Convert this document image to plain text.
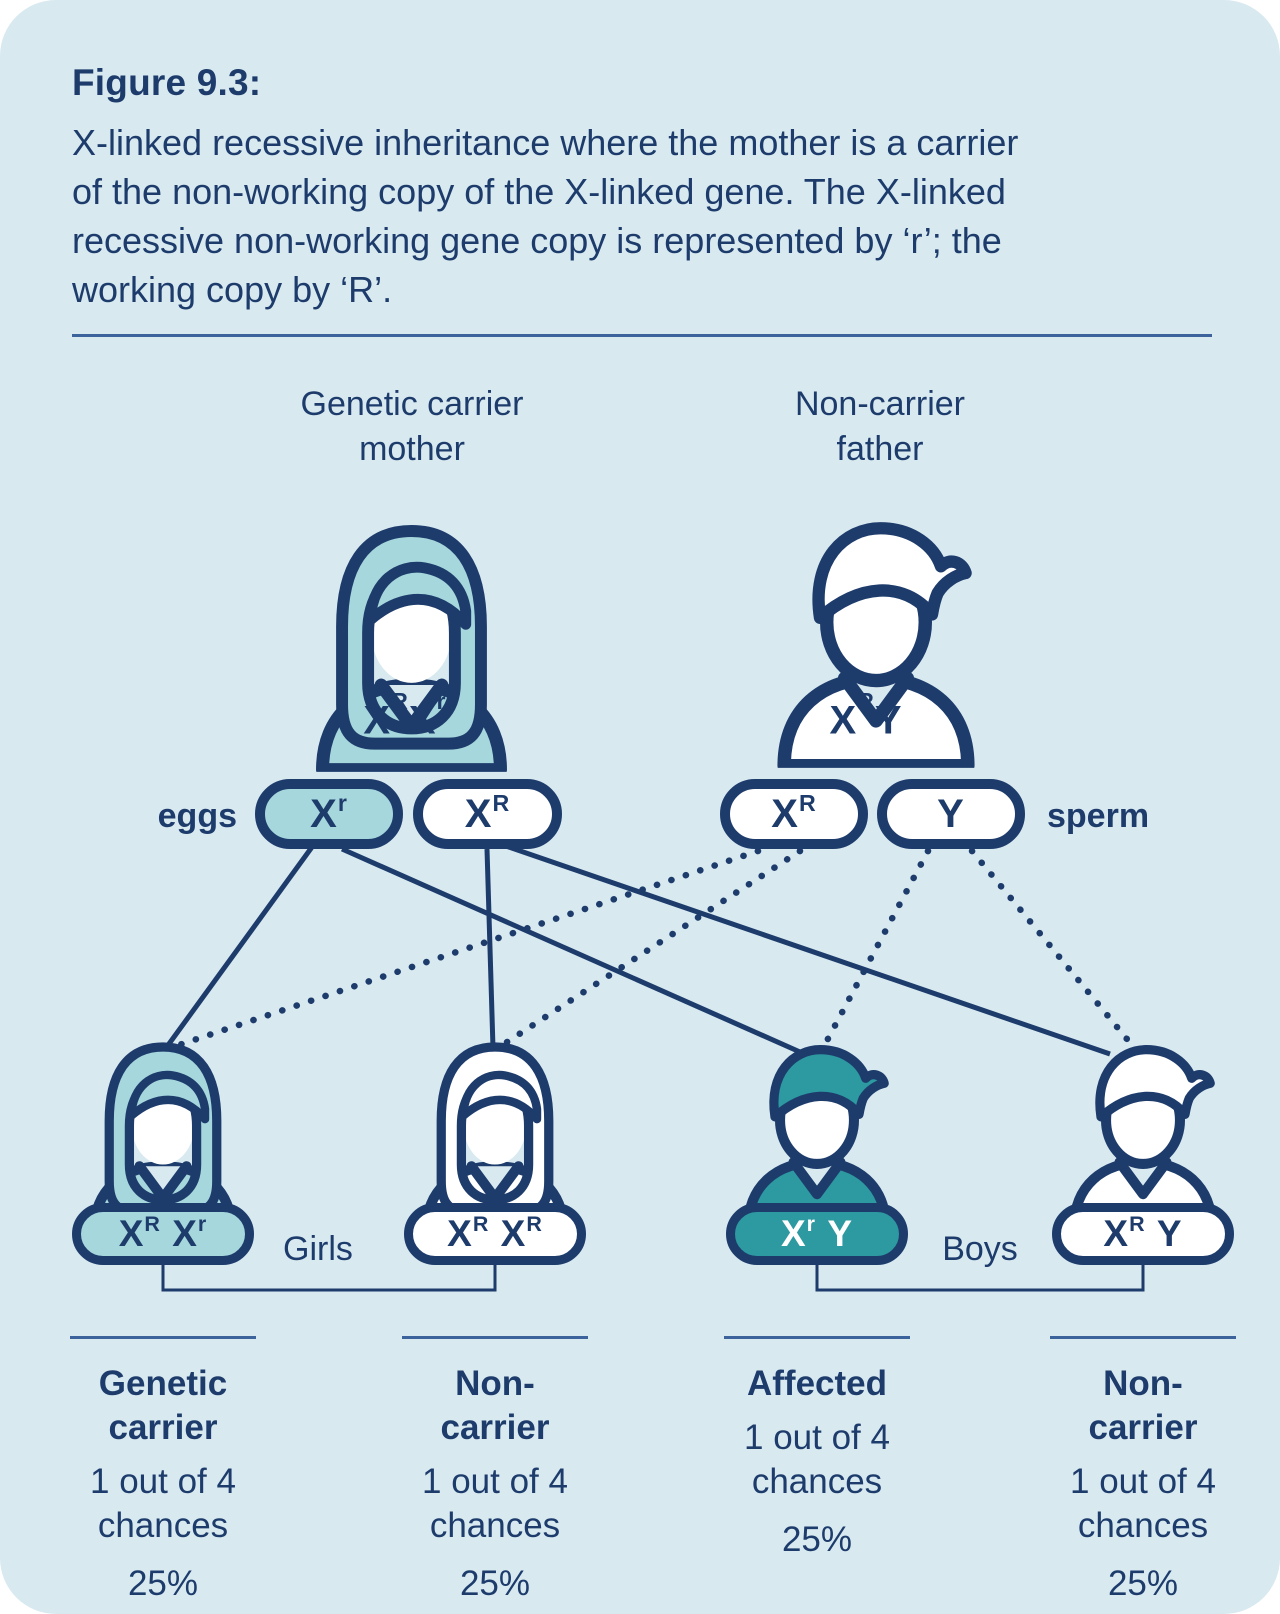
Figure 9.3:
X-linked recessive inheritance where the mother is a carrier
of the non-working copy of the X-linked gene. The X-linked
recessive non-working gene copy is represented by ‘r’; the
working copy by ‘R’.
Genetic carrier
mother
Non-carrier
father
$X^RX^r$	$X^RY$
eggs $X^r$	$X^R$	$X^R$	Y sperm
$X^R$
$X^r$	$X^R$
$X^R$	$X^r$
Y	$X^R$
Y
Girls	Boys
Genetic
carrier
1 out of 4
chances
25%
Non-
carrier
1 out of 4
chances
25%
Affected
1 out of 4
chances
25%
Non-
carrier
1 out of 4
chances
25%
